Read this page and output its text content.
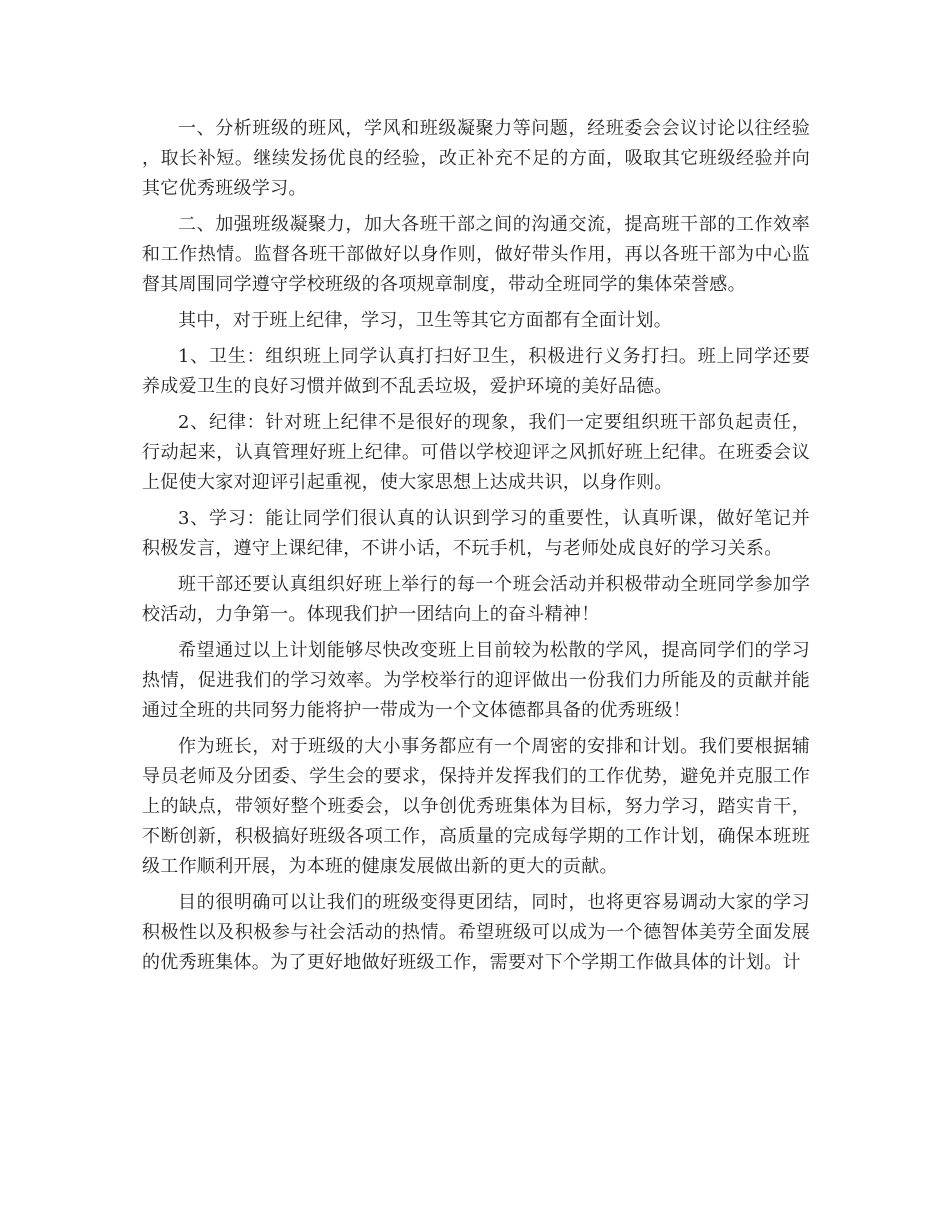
一、分析班级的班风，学风和班级凝聚力等问题，经班委会会议讨论以往经验，取长补短。继续发扬优良的经验，改正补充不足的方面，吸取其它班级经验并向其它优秀班级学习。

二、加强班级凝聚力，加大各班干部之间的沟通交流，提高班干部的工作效率和工作热情。监督各班干部做好以身作则，做好带头作用，再以各班干部为中心监督其周围同学遵守学校班级的各项规章制度，带动全班同学的集体荣誉感。

其中，对于班上纪律，学习，卫生等其它方面都有全面计划。

1、卫生：组织班上同学认真打扫好卫生，积极进行义务打扫。班上同学还要养成爱卫生的良好习惯并做到不乱丢垃圾，爱护环境的美好品德。

2、纪律：针对班上纪律不是很好的现象，我们一定要组织班干部负起责任，行动起来，认真管理好班上纪律。可借以学校迎评之风抓好班上纪律。在班委会议上促使大家对迎评引起重视，使大家思想上达成共识，以身作则。

3、学习：能让同学们很认真的认识到学习的重要性，认真听课，做好笔记并积极发言，遵守上课纪律，不讲小话，不玩手机，与老师处成良好的学习关系。

班干部还要认真组织好班上举行的每一个班会活动并积极带动全班同学参加学校活动，力争第一。体现我们护一团结向上的奋斗精神！

希望通过以上计划能够尽快改变班上目前较为松散的学风，提高同学们的学习热情，促进我们的学习效率。为学校举行的迎评做出一份我们力所能及的贡献并能通过全班的共同努力能将护一带成为一个文体德都具备的优秀班级！

作为班长，对于班级的大小事务都应有一个周密的安排和计划。我们要根据辅导员老师及分团委、学生会的要求，保持并发挥我们的工作优势，避免并克服工作上的缺点，带领好整个班委会，以争创优秀班集体为目标，努力学习，踏实肯干，不断创新，积极搞好班级各项工作，高质量的完成每学期的工作计划，确保本班班级工作顺利开展，为本班的健康发展做出新的更大的贡献。

目的很明确可以让我们的班级变得更团结，同时，也将更容易调动大家的学习积极性以及积极参与社会活动的热情。希望班级可以成为一个德智体美劳全面发展的优秀班集体。为了更好地做好班级工作，需要对下个学期工作做具体的计划。计
